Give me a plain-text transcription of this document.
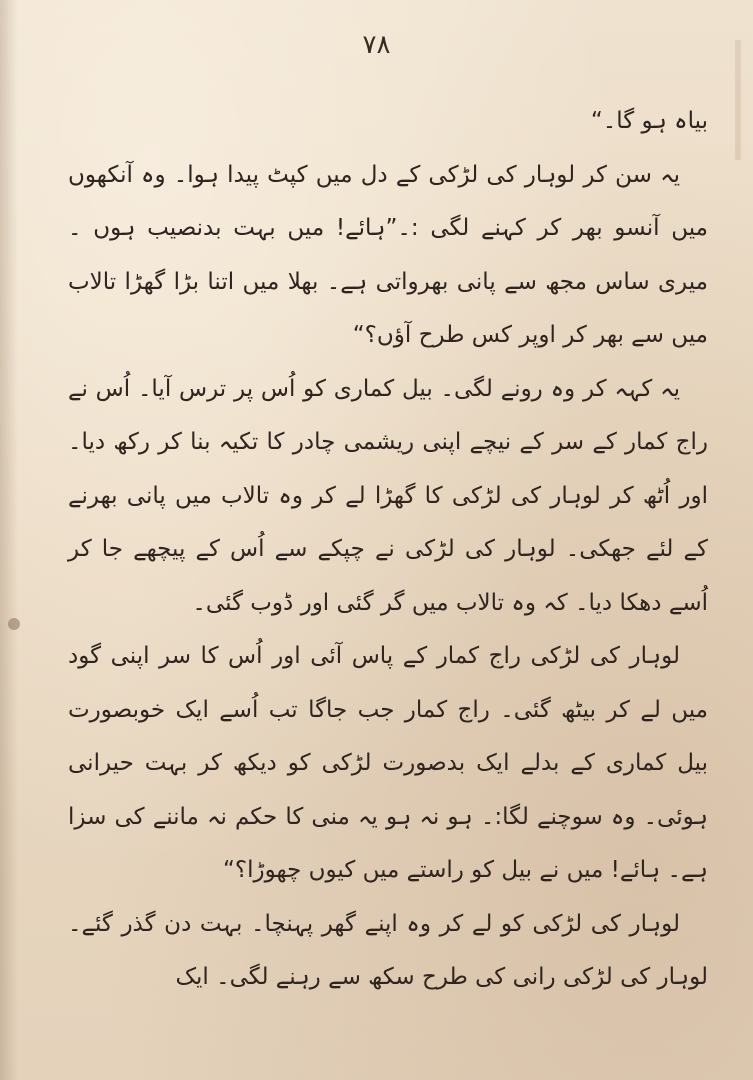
٧٨

بیاہ ہو گا۔“

یہ سن کر لوہار کی لڑکی کے دل میں کپٹ پیدا ہوا۔ وہ آنکھوں میں آنسو بھر کر کہنے لگی :۔”ہائے! میں بہت بدنصیب ہوں ۔ میری ساس مجھ سے پانی بھرواتی ہے۔ بھلا میں اتنا بڑا گھڑا تالاب میں سے بھر کر اوپر کس طرح آؤں؟“

یہ کہہ کر وہ رونے لگی۔ بیل کماری کو اُس پر ترس آیا۔ اُس نے راج کمار کے سر کے نیچے اپنی ریشمی چادر کا تکیہ بنا کر رکھ دیا۔ اور اُٹھ کر لوہار کی لڑکی کا گھڑا لے کر وہ تالاب میں پانی بھرنے کے لئے جھکی۔ لوہار کی لڑکی نے چپکے سے اُس کے پیچھے جا کر اُسے دھکا دیا۔ کہ وہ تالاب میں گر گئی اور ڈوب گئی۔

لوہار کی لڑکی راج کمار کے پاس آئی اور اُس کا سر اپنی گود میں لے کر بیٹھ گئی۔ راج کمار جب جاگا تب اُسے ایک خوبصورت بیل کماری کے بدلے ایک بدصورت لڑکی کو دیکھ کر بہت حیرانی ہوئی۔ وہ سوچنے لگا:۔ ہو نہ ہو یہ منی کا حکم نہ ماننے کی سزا ہے۔ ہائے! میں نے بیل کو راستے میں کیوں چھوڑا؟“

لوہار کی لڑکی کو لے کر وہ اپنے گھر پہنچا۔ بہت دن گذر گئے۔ لوہار کی لڑکی رانی کی طرح سکھ سے رہنے لگی۔ ایک
